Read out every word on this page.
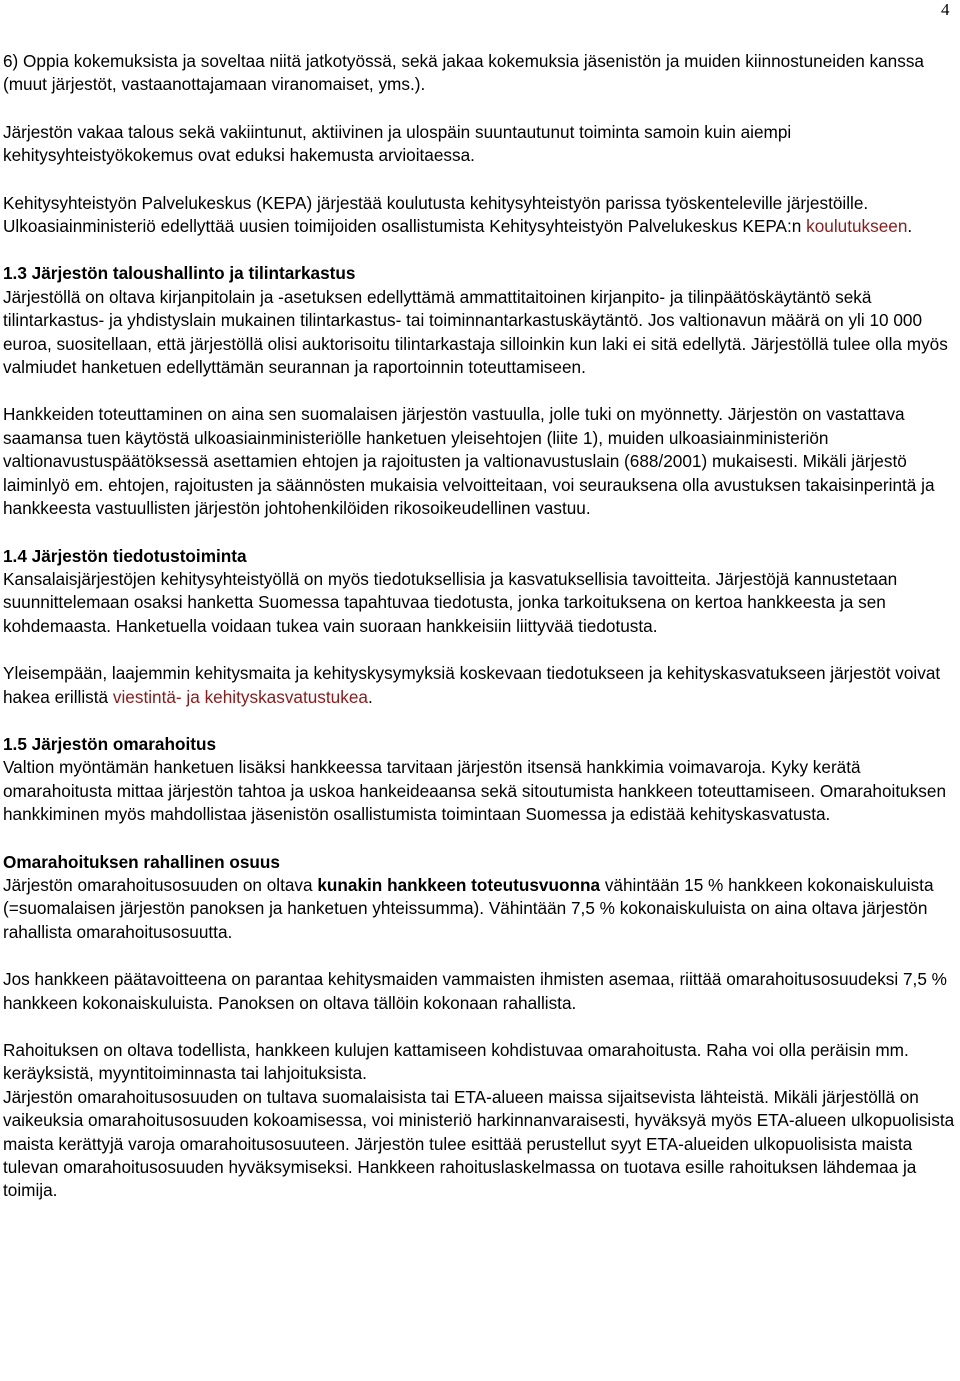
4

6) Oppia kokemuksista ja soveltaa niitä jatkotyössä, sekä jakaa kokemuksia jäsenistön ja muiden kiinnostuneiden kanssa (muut järjestöt, vastaanottajamaan viranomaiset, yms.).

Järjestön vakaa talous sekä vakiintunut, aktiivinen ja ulospäin suuntautunut toiminta samoin kuin aiempi kehitysyhteistyökokemus ovat eduksi hakemusta arvioitaessa.

Kehitysyhteistyön Palvelukeskus (KEPA) järjestää koulutusta kehitysyhteistyön parissa työskenteleville järjestöille. Ulkoasiainministeriö edellyttää uusien toimijoiden osallistumista Kehitysyhteistyön Palvelukeskus KEPA:n koulutukseen.

1.3 Järjestön taloushallinto ja tilintarkastus

Järjestöllä on oltava kirjanpitolain ja -asetuksen edellyttämä ammattitaitoinen kirjanpito- ja tilinpäätöskäytäntö sekä tilintarkastus- ja yhdistyslain mukainen tilintarkastus- tai toiminnantarkastuskäytäntö. Jos valtionavun määrä on yli 10 000 euroa, suositellaan, että järjestöllä olisi auktorisoitu tilintarkastaja silloinkin kun laki ei sitä edellytä. Järjestöllä tulee olla myös valmiudet hanketuen edellyttämän seurannan ja raportoinnin toteuttamiseen.

Hankkeiden toteuttaminen on aina sen suomalaisen järjestön vastuulla, jolle tuki on myönnetty. Järjestön on vastattava saamansa tuen käytöstä ulkoasiainministeriölle hanketuen yleisehtojen (liite 1), muiden ulkoasiainministeriön valtionavustuspäätöksessä asettamien ehtojen ja rajoitusten ja valtionavustuslain (688/2001) mukaisesti. Mikäli järjestö laiminlyö em. ehtojen, rajoitusten ja säännösten mukaisia velvoitteitaan, voi seurauksena olla avustuksen takaisinperintä ja hankkeesta vastuullisten järjestön johtohenkilöiden rikosoikeudellinen vastuu.

1.4 Järjestön tiedotustoiminta

Kansalaisjärjestöjen kehitysyhteistyöllä on myös tiedotuksellisia ja kasvatuksellisia tavoitteita. Järjestöjä kannustetaan suunnittelemaan osaksi hanketta Suomessa tapahtuvaa tiedotusta, jonka tarkoituksena on kertoa hankkeesta ja sen kohdemaasta. Hanketuella voidaan tukea vain suoraan hankkeisiin liittyvää tiedotusta.

Yleisempään, laajemmin kehitysmaita ja kehityskysymyksiä koskevaan tiedotukseen ja kehityskasvatukseen järjestöt voivat hakea erillistä viestintä- ja kehityskasvatustukea.

1.5 Järjestön omarahoitus

Valtion myöntämän hanketuen lisäksi hankkeessa tarvitaan järjestön itsensä hankkimia voimavaroja. Kyky kerätä omarahoitusta mittaa järjestön tahtoa ja uskoa hankeideaansa sekä sitoutumista hankkeen toteuttamiseen. Omarahoituksen hankkiminen myös mahdollistaa jäsenistön osallistumista toimintaan Suomessa ja edistää kehityskasvatusta.

Omarahoituksen rahallinen osuus

Järjestön omarahoitusosuuden on oltava kunakin hankkeen toteutusvuonna vähintään 15 % hankkeen kokonaiskuluista (=suomalaisen järjestön panoksen ja hanketuen yhteissumma). Vähintään 7,5 % kokonaiskuluista on aina oltava järjestön rahallista omarahoitusosuutta.

Jos hankkeen päätavoitteena on parantaa kehitysmaiden vammaisten ihmisten asemaa, riittää omarahoitusosuudeksi 7,5 % hankkeen kokonaiskuluista. Panoksen on oltava tällöin kokonaan rahallista.

Rahoituksen on oltava todellista, hankkeen kulujen kattamiseen kohdistuvaa omarahoitusta. Raha voi olla peräisin mm. keräyksistä, myyntitoiminnasta tai lahjoituksista.

Järjestön omarahoitusosuuden on tultava suomalaisista tai ETA-alueen maissa sijaitsevista lähteistä. Mikäli järjestöllä on vaikeuksia omarahoitusosuuden kokoamisessa, voi ministeriö harkinnanvaraisesti, hyväksyä myös ETA-alueen ulkopuolisista maista kerättyjä varoja omarahoitusosuuteen. Järjestön tulee esittää perustellut syyt ETA-alueiden ulkopuolisista maista tulevan omarahoitusosuuden hyväksymiseksi. Hankkeen rahoituslaskelmassa on tuotava esille rahoituksen lähdemaa ja toimija.
